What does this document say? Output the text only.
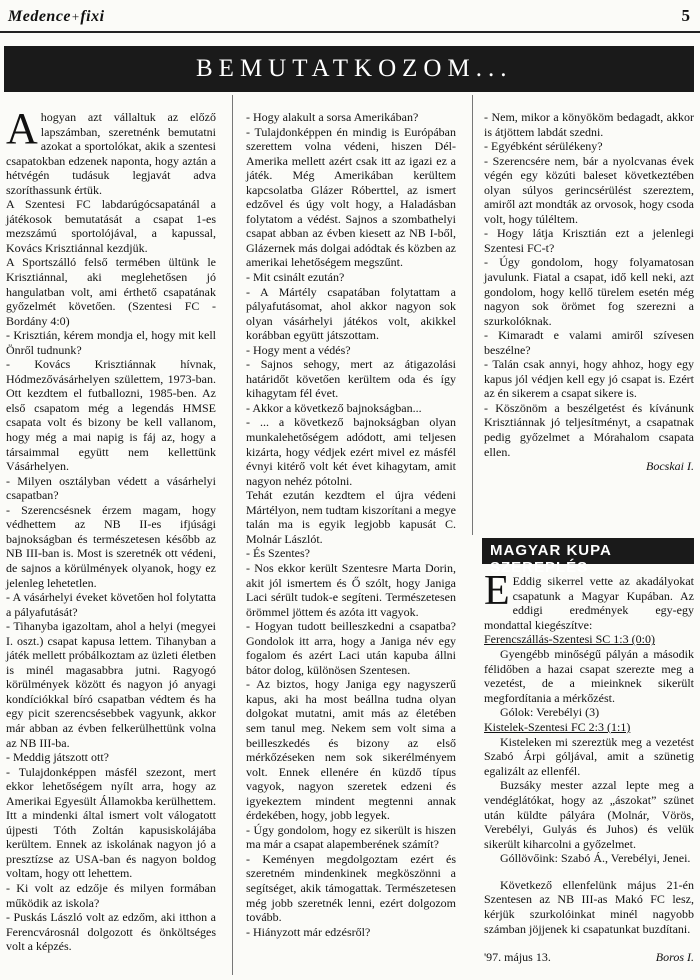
Medence+fixi	5
BEMUTATKOZOM...

Ahogyan azt vállaltuk az előző lapszámban, szeretnénk bemutatni azokat a sportolókat, akik a szentesi csapatokban edzenek naponta, hogy aztán a hétvégén tudásuk legjavát adva szoríthassunk értük.

A Szentesi FC labdarúgócsapatánál a játékosok bemutatását a csapat 1-es mezszámú sportolójával, a kapussal, Kovács Krisztiánnal kezdjük.

A Sportszálló felső termében ültünk le Krisztiánnal, aki meglehetősen jó hangulatban volt, ami érthető csapatának győzelmét követően. (Szentesi FC - Bordány 4:0)

- Krisztián, kérem mondja el, hogy mit kell Önről tudnunk?

- Kovács Krisztiánnak hívnak, Hódmezővásárhelyen születtem, 1973-ban. Ott kezdtem el futballozni, 1985-ben. Az első csapatom még a legendás HMSE csapata volt és bizony be kell vallanom, hogy még a mai napig is fáj az, hogy a társaimmal együtt nem kellettünk Vásárhelyen.

- Milyen osztályban védett a vásárhelyi csapatban?

- Szerencsésnek érzem magam, hogy védhettem az NB II-es ifjúsági bajnokságban és természetesen később az NB III-ban is. Most is szeretnék ott védeni, de sajnos a körülmények olyanok, hogy ez jelenleg lehetetlen.

- A vásárhelyi éveket követően hol folytatta a pályafutását?

- Tihanyba igazoltam, ahol a helyi (megyei I. oszt.) csapat kapusa lettem. Tihanyban a játék mellett próbálkoztam az üzleti életben is minél magasabbra jutni. Ragyogó körülmények között és nagyon jó anyagi kondíciókkal bíró csapatban védtem és ha egy picit szerencsésebbek vagyunk, akkor már abban az évben felkerülhettünk volna az NB III-ba.

- Meddig játszott ott?

- Tulajdonképpen másfél szezont, mert ekkor lehetőségem nyílt arra, hogy az Amerikai Egyesült Államokba kerülhettem. Itt a mindenki által ismert volt válogatott újpesti Tóth Zoltán kapusiskolájába kerültem. Ennek az iskolának nagyon jó a presztízse az USA-ban és nagyon boldog voltam, hogy ott lehettem.

- Ki volt az edzője és milyen formában működik az iskola?

- Puskás László volt az edzőm, aki itthon a Ferencvárosnál dolgozott és önköltséges volt a képzés.

- Hogy alakult a sorsa Amerikában?

- Tulajdonképpen én mindig is Európában szerettem volna védeni, hiszen Dél-Amerika mellett azért csak itt az igazi ez a játék. Még Amerikában kerültem kapcsolatba Glázer Róberttel, az ismert edzővel és úgy volt hogy, a Haladásban folytatom a védést. Sajnos a szombathelyi csapat abban az évben kiesett az NB I-ből, Glázernek más dolgai adódtak és közben az amerikai lehetőségem megszűnt.

- Mit csinált ezután?

- A Mártély csapatában folytattam a pályafutásomat, ahol akkor nagyon sok olyan vásárhelyi játékos volt, akikkel korábban együtt játszottam.

- Hogy ment a védés?

- Sajnos sehogy, mert az átigazolási határidőt követően kerültem oda és így kihagytam fél évet.

- Akkor a következő bajnokságban...

- ... a következő bajnokságban olyan munkalehetőségem adódott, ami teljesen kizárta, hogy védjek ezért mivel ez másfél évnyi kitérő volt két évet kihagytam, amit nagyon nehéz pótolni.

Tehát ezután kezdtem el újra védeni Mártélyon, nem tudtam kiszorítani a megye talán ma is egyik legjobb kapusát C. Molnár Lászlót.

- És Szentes?

- Nos ekkor került Szentesre Marta Dorin, akit jól ismertem és Ő szólt, hogy Janiga Laci sérült tudok-e segíteni. Természetesen örömmel jöttem és azóta itt vagyok.

- Hogyan tudott beilleszkedni a csapatba? Gondolok itt arra, hogy a Janiga név egy fogalom és azért Laci után kapuba állni bátor dolog, különösen Szentesen.

- Az biztos, hogy Janiga egy nagyszerű kapus, aki ha most beállna tudna olyan dolgokat mutatni, amit más az életében sem tanul meg. Nekem sem volt sima a beilleszkedés és bizony az első mérkőzéseken nem sok sikerélményem volt. Ennek ellenére én küzdő típus vagyok, nagyon szeretek edzeni és igyekeztem mindent megtenni annak érdekében, hogy, jobb legyek.

- Úgy gondolom, hogy ez sikerült is hiszen ma már a csapat alapemberének számít?

- Keményen megdolgoztam ezért és szeretném mindenkinek megköszönni a segítséget, akik támogattak. Természetesen még jobb szeretnék lenni, ezért dolgozom tovább.

- Hiányzott már edzésről?

- Nem, mikor a könyököm bedagadt, akkor is átjöttem labdát szedni.

- Egyébként sérülékeny?

- Szerencsére nem, bár a nyolcvanas évek végén egy közúti baleset következtében olyan súlyos gerincsérülést szereztem, amiről azt mondták az orvosok, hogy csoda volt, hogy túléltem.

- Hogy látja Krisztián ezt a jelenlegi Szentesi FC-t?

- Úgy gondolom, hogy folyamatosan javulunk. Fiatal a csapat, idő kell neki, azt gondolom, hogy kellő türelem esetén még nagyon sok örömet fog szerezni a szurkolóknak.

- Kimaradt e valami amiről szívesen beszélne?

- Talán csak annyi, hogy ahhoz, hogy egy kapus jól védjen kell egy jó csapat is. Ezért az én sikerem a csapat sikere is.

- Köszönöm a beszélgetést és kívánunk Krisztiánnak jó teljesítményt, a csapatnak pedig győzelmet a Mórahalom csapata ellen.

Bocskai I.

MAGYAR KUPA SZEREPLÉS

E Eddig sikerrel vette az akadályokat csapatunk a Magyar Kupában. Az eddigi eredmények egy-egy mondattal kiegészítve:

Ferencszállás-Szentesi SC 1:3 (0:0)

Gyengébb minőségű pályán a második félidőben a hazai csapat szerezte meg a vezetést, de a mieinknek sikerült megfordítania a mérkőzést.

Gólok: Verebélyi (3)

Kistelek-Szentesi FC 2:3 (1:1)

Kisteleken mi szereztük meg a vezetést Szabó Árpi góljával, amit a szünetig egalizált az ellenfél.

Buzsáky mester azzal lepte meg a vendéglátókat, hogy az „ászokat” szünet után küldte pályára (Molnár, Vörös, Verebélyi, Gulyás és Juhos) és velük sikerült kiharcolni a győzelmet.

Góllövőink: Szabó Á., Verebélyi, Jenei.

Következő ellenfelünk május 21-én Szentesen az NB III-as Makó FC lesz, kérjük szurkolóinkat minél nagyobb számban jöjjenek ki csapatunkat buzdítani.

'97. május 13.	Boros I.
